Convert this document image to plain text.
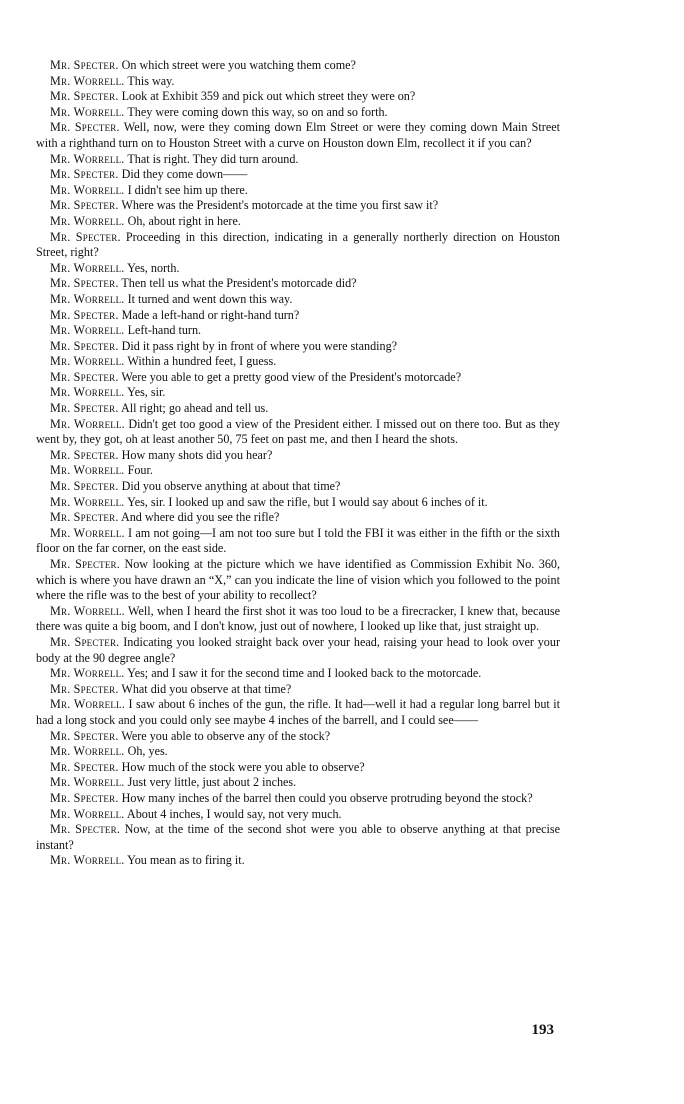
Mr. Specter. On which street were you watching them come?

Mr. Worrell. This way.

Mr. Specter. Look at Exhibit 359 and pick out which street they were on?

Mr. Worrell. They were coming down this way, so on and so forth.

Mr. Specter. Well, now, were they coming down Elm Street or were they coming down Main Street with a righthand turn on to Houston Street with a curve on Houston down Elm, recollect it if you can?

Mr. Worrell. That is right. They did turn around.

Mr. Specter. Did they come down——

Mr. Worrell. I didn't see him up there.

Mr. Specter. Where was the President's motorcade at the time you first saw it?

Mr. Worrell. Oh, about right in here.

Mr. Specter. Proceeding in this direction, indicating in a generally northerly direction on Houston Street, right?

Mr. Worrell. Yes, north.

Mr. Specter. Then tell us what the President's motorcade did?

Mr. Worrell. It turned and went down this way.

Mr. Specter. Made a left-hand or right-hand turn?

Mr. Worrell. Left-hand turn.

Mr. Specter. Did it pass right by in front of where you were standing?

Mr. Worrell. Within a hundred feet, I guess.

Mr. Specter. Were you able to get a pretty good view of the President's motorcade?

Mr. Worrell. Yes, sir.

Mr. Specter. All right; go ahead and tell us.

Mr. Worrell. Didn't get too good a view of the President either. I missed out on there too. But as they went by, they got, oh at least another 50, 75 feet on past me, and then I heard the shots.

Mr. Specter. How many shots did you hear?

Mr. Worrell. Four.

Mr. Specter. Did you observe anything at about that time?

Mr. Worrell. Yes, sir. I looked up and saw the rifle, but I would say about 6 inches of it.

Mr. Specter. And where did you see the rifle?

Mr. Worrell. I am not going—I am not too sure but I told the FBI it was either in the fifth or the sixth floor on the far corner, on the east side.

Mr. Specter. Now looking at the picture which we have identified as Commission Exhibit No. 360, which is where you have drawn an “X,” can you indicate the line of vision which you followed to the point where the rifle was to the best of your ability to recollect?

Mr. Worrell. Well, when I heard the first shot it was too loud to be a firecracker, I knew that, because there was quite a big boom, and I don't know, just out of nowhere, I looked up like that, just straight up.

Mr. Specter. Indicating you looked straight back over your head, raising your head to look over your body at the 90 degree angle?

Mr. Worrell. Yes; and I saw it for the second time and I looked back to the motorcade.

Mr. Specter. What did you observe at that time?

Mr. Worrell. I saw about 6 inches of the gun, the rifle. It had—well it had a regular long barrel but it had a long stock and you could only see maybe 4 inches of the barrell, and I could see——

Mr. Specter. Were you able to observe any of the stock?

Mr. Worrell. Oh, yes.

Mr. Specter. How much of the stock were you able to observe?

Mr. Worrell. Just very little, just about 2 inches.

Mr. Specter. How many inches of the barrel then could you observe protruding beyond the stock?

Mr. Worrell. About 4 inches, I would say, not very much.

Mr. Specter. Now, at the time of the second shot were you able to observe anything at that precise instant?

Mr. Worrell. You mean as to firing it.

193
